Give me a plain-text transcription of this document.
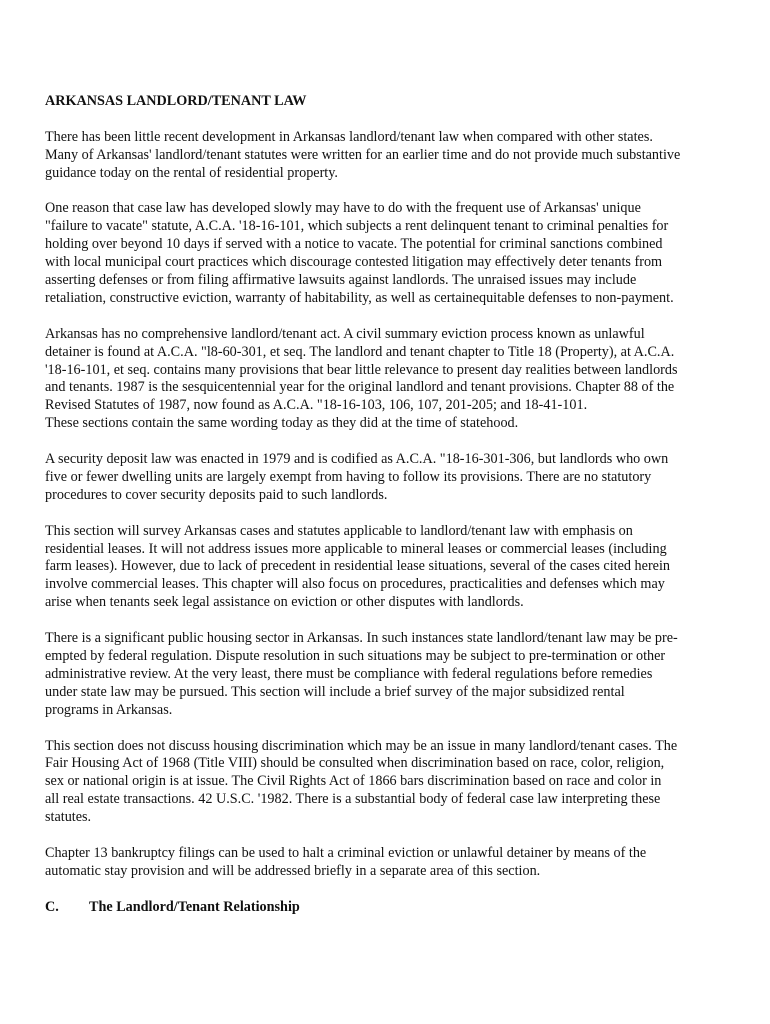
ARKANSAS LANDLORD/TENANT LAW

There has been little recent development in Arkansas landlord/tenant law when compared with other states.
Many of Arkansas' landlord/tenant statutes were written for an earlier time and do not provide much substantive
guidance today on the rental of residential property.

One reason that case law has developed slowly may have to do with the frequent use of Arkansas' unique
"failure to vacate" statute, A.C.A. '18-16-101, which subjects a rent delinquent tenant to criminal penalties for
holding over beyond 10 days if served with a notice to vacate. The potential for criminal sanctions combined
with local municipal court practices which discourage contested litigation may effectively deter tenants from
asserting defenses or from filing affirmative lawsuits against landlords. The unraised issues may include
retaliation, constructive eviction, warranty of habitability, as well as certainequitable defenses to non-payment.

Arkansas has no comprehensive landlord/tenant act. A civil summary eviction process known as unlawful
detainer is found at A.C.A. "l8-60-301, et seq. The landlord and tenant chapter to Title 18 (Property), at A.C.A.
'18-16-101, et seq. contains many provisions that bear little relevance to present day realities between landlords
and tenants. 1987 is the sesquicentennial year for the original landlord and tenant provisions. Chapter 88 of the
Revised Statutes of 1987, now found as A.C.A. "18-16-103, 106, 107, 201-205; and 18-41-101.
These sections contain the same wording today as they did at the time of statehood.

A security deposit law was enacted in 1979 and is codified as A.C.A. "18-16-301-306, but landlords who own
five or fewer dwelling units are largely exempt from having to follow its provisions. There are no statutory
procedures to cover security deposits paid to such landlords.

This section will survey Arkansas cases and statutes applicable to landlord/tenant law with emphasis on
residential leases. It will not address issues more applicable to mineral leases or commercial leases (including
farm leases). However, due to lack of precedent in residential lease situations, several of the cases cited herein
involve commercial leases. This chapter will also focus on procedures, practicalities and defenses which may
arise when tenants seek legal assistance on eviction or other disputes with landlords.

There is a significant public housing sector in Arkansas. In such instances state landlord/tenant law may be pre-
empted by federal regulation. Dispute resolution in such situations may be subject to pre-termination or other
administrative review. At the very least, there must be compliance with federal regulations before remedies
under state law may be pursued. This section will include a brief survey of the major subsidized rental
programs in Arkansas.

This section does not discuss housing discrimination which may be an issue in many landlord/tenant cases. The
Fair Housing Act of 1968 (Title VIII) should be consulted when discrimination based on race, color, religion,
sex or national origin is at issue. The Civil Rights Act of 1866 bars discrimination based on race and color in
all real estate transactions. 42 U.S.C. '1982. There is a substantial body of federal case law interpreting these
statutes.

Chapter 13 bankruptcy filings can be used to halt a criminal eviction or unlawful detainer by means of the
automatic stay provision and will be addressed briefly in a separate area of this section.

C. The Landlord/Tenant Relationship
